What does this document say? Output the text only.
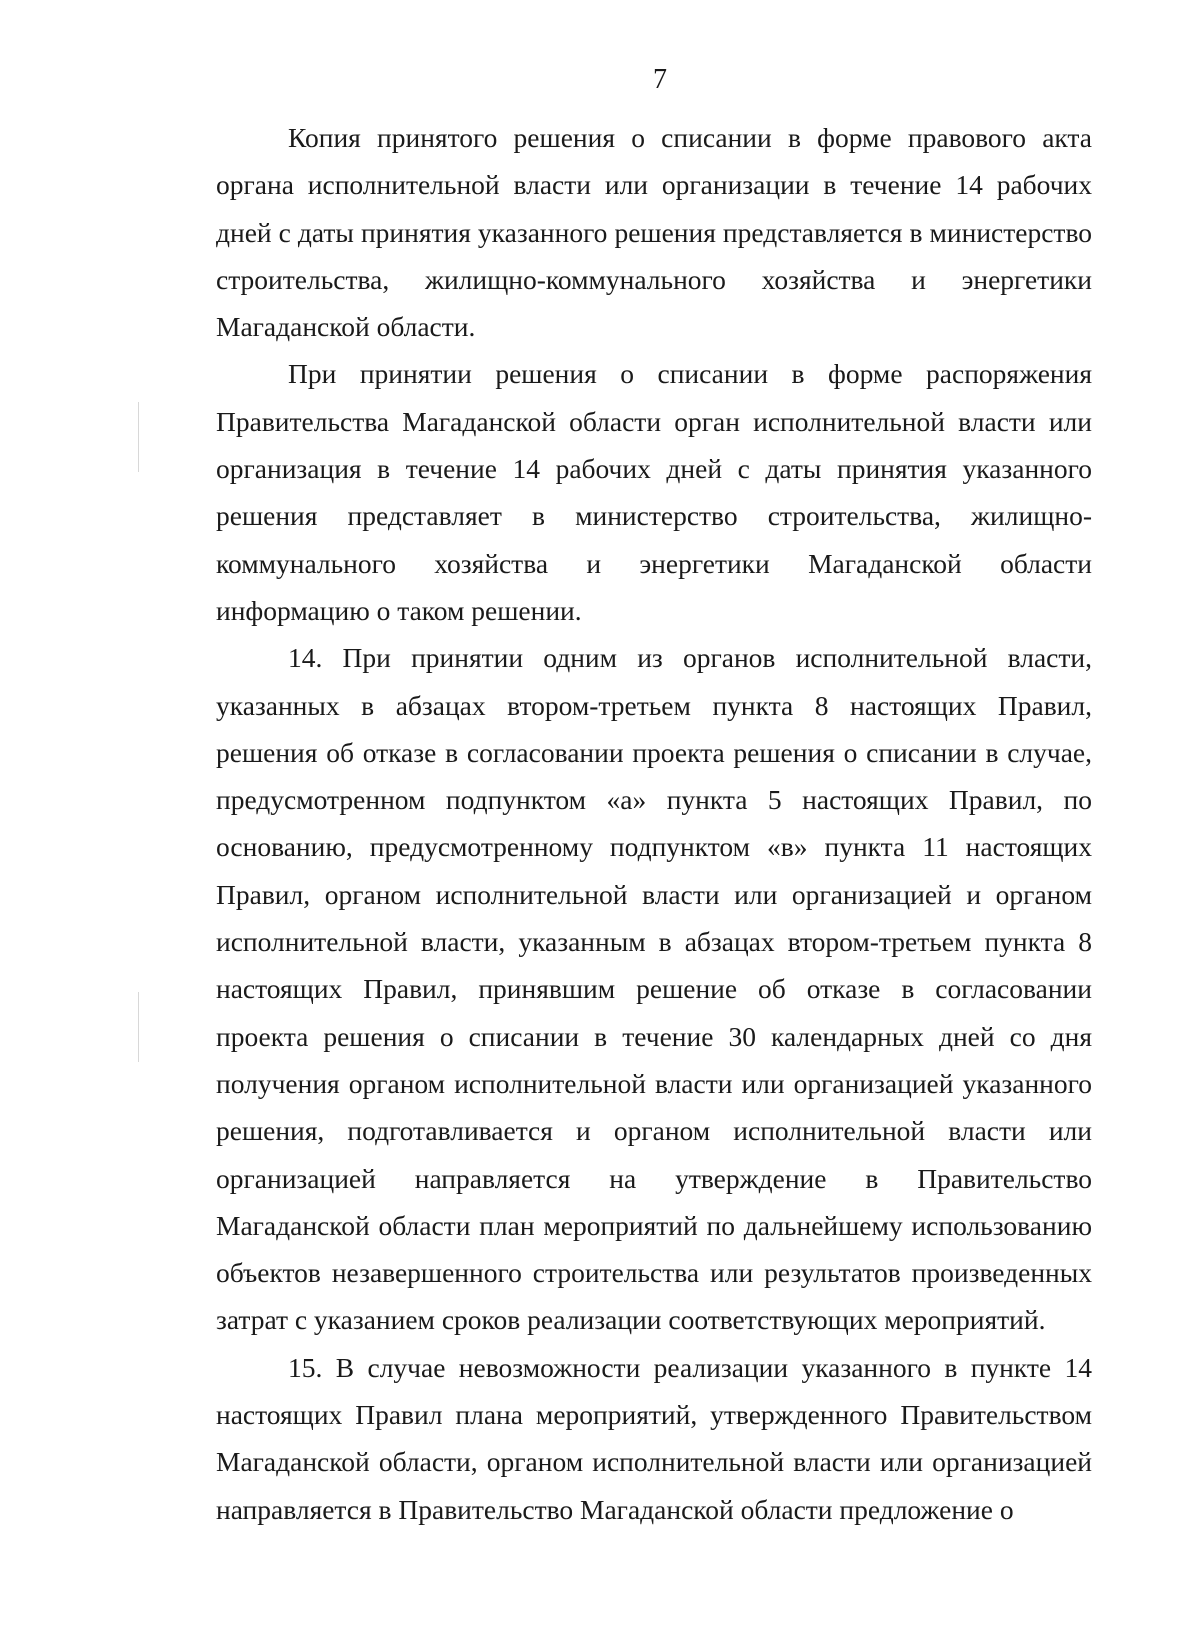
7

Копия принятого решения о списании в форме правового акта органа исполнительной власти или организации в течение 14 рабочих дней с даты принятия указанного решения представляется в министерство строительства, жилищно-коммунального хозяйства и энергетики Магаданской области.

При принятии решения о списании в форме распоряжения Правительства Магаданской области орган исполнительной власти или организация в течение 14 рабочих дней с даты принятия указанного решения представляет в министерство строительства, жилищно-коммунального хозяйства и энергетики Магаданской области информацию о таком решении.

14. При принятии одним из органов исполнительной власти, указанных в абзацах втором-третьем пункта 8 настоящих Правил, решения об отказе в согласовании проекта решения о списании в случае, предусмотренном подпунктом «а» пункта 5 настоящих Правил, по основанию, предусмотренному подпунктом «в» пункта 11 настоящих Правил, органом исполнительной власти или организацией и органом исполнительной власти, указанным в абзацах втором-третьем пункта 8 настоящих Правил, принявшим решение об отказе в согласовании проекта решения о списании в течение 30 календарных дней со дня получения органом исполнительной власти или организацией указанного решения, подготавливается и органом исполнительной власти или организацией направляется на утверждение в Правительство Магаданской области план мероприятий по дальнейшему использованию объектов незавершенного строительства или результатов произведенных затрат с указанием сроков реализации соответствующих мероприятий.

15. В случае невозможности реализации указанного в пункте 14 настоящих Правил плана мероприятий, утвержденного Правительством Магаданской области, органом исполнительной власти или организацией направляется в Правительство Магаданской области предложение о
